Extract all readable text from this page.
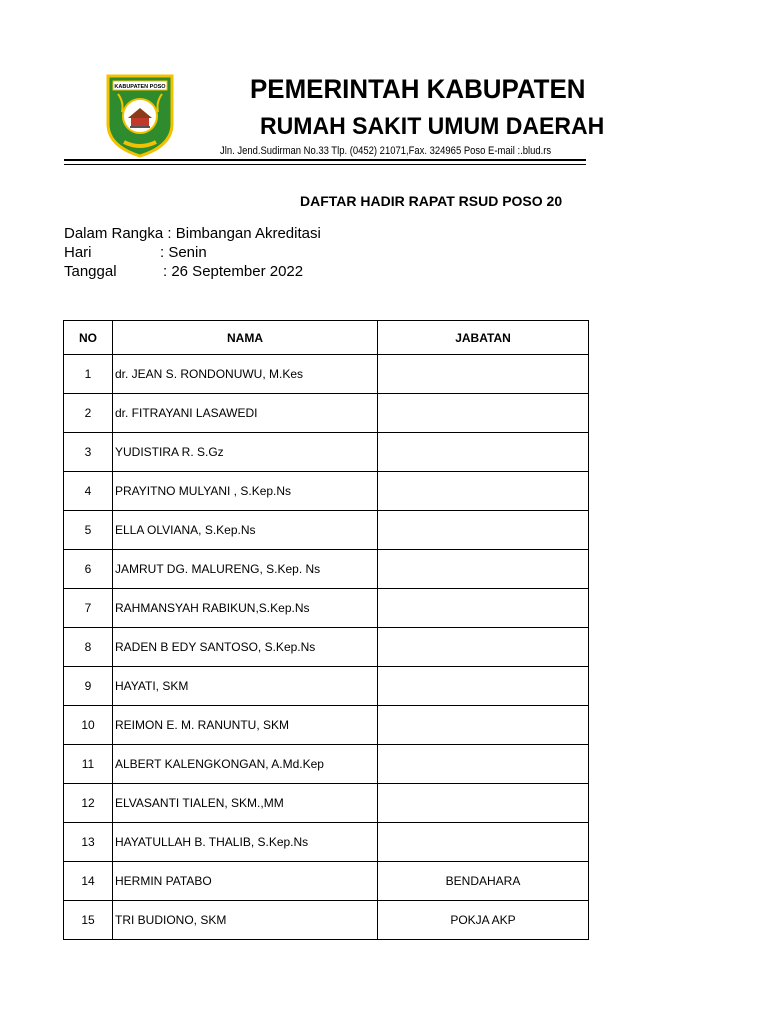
KABUPATEN POSO	PEMERINTAH KABUPATEN
RUMAH SAKIT UMUM DAERAH
Jln. Jend.Sudirman No.33 Tlp. (0452) 21071,Fax. 324965 Poso E-mail :.blud.rs
DAFTAR HADIR RAPAT RSUD POSO 20
Dalam Rangka : Bimbangan Akreditasi
Hari	: Senin
Tanggal	: 26 September 2022
NO	NAMA	JABATAN
1	dr. JEAN S. RONDONUWU, M.Kes	
2	dr. FITRAYANI LASAWEDI	
3	YUDISTIRA R. S.Gz	
4	PRAYITNO MULYANI , S.Kep.Ns	
5	ELLA OLVIANA, S.Kep.Ns	
6	JAMRUT DG. MALURENG, S.Kep. Ns	
7	RAHMANSYAH RABIKUN,S.Kep.Ns	
8	RADEN B EDY SANTOSO, S.Kep.Ns	
9	HAYATI, SKM	
10	REIMON E. M. RANUNTU, SKM	
11	ALBERT KALENGKONGAN, A.Md.Kep	
12	ELVASANTI TIALEN, SKM.,MM	
13	HAYATULLAH B. THALIB, S.Kep.Ns	
14	HERMIN PATABO	BENDAHARA
15	TRI BUDIONO, SKM	POKJA AKP
